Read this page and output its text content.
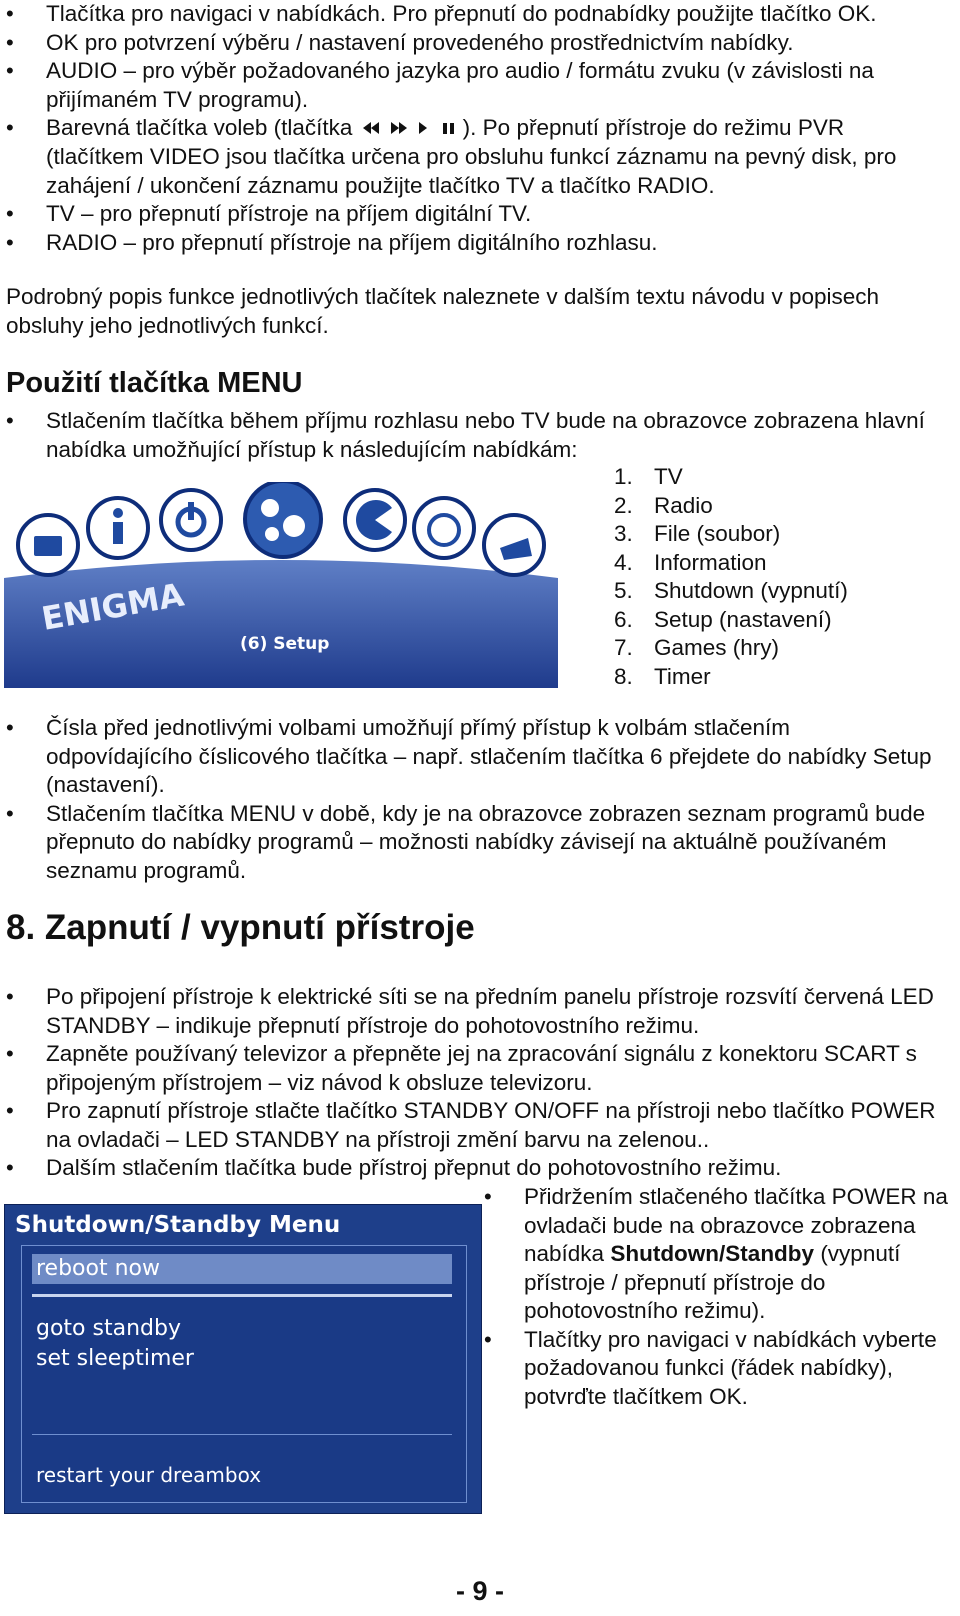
• Tlačítka pro navigaci v nabídkách. Pro přepnutí do podnabídky použijte tlačítko OK.
• OK pro potvrzení výběru / nastavení provedeného prostřednictvím nabídky.
• AUDIO – pro výběr požadovaného jazyka pro audio / formátu zvuku (v závislosti na přijímaném TV programu).
• Barevná tlačítka voleb (tlačítka	). Po přepnutí přístroje do režimu PVR (tlačítkem VIDEO jsou tlačítka určena pro obsluhu funkcí záznamu na pevný disk, pro zahájení / ukončení záznamu použijte tlačítko TV a tlačítko RADIO.
• TV – pro přepnutí přístroje na příjem digitální TV.
• RADIO – pro přepnutí přístroje na příjem digitálního rozhlasu.

Podrobný popis funkce jednotlivých tlačítek naleznete v dalším textu návodu v popisech obsluhy jeho jednotlivých funkcí.

Použití tlačítka MENU
• Stlačením tlačítka během příjmu rozhlasu nebo TV bude na obrazovce zobrazena hlavní nabídka umožňující přístup k následujícím nabídkám:
ENIGMA
(6) Setup
1. TV
2. Radio
3. File (soubor)
4. Information
5. Shutdown (vypnutí)
6. Setup (nastavení)
7. Games (hry)
8. Timer
• Čísla před jednotlivými volbami umožňují přímý přístup k volbám stlačením odpovídajícího číslicového tlačítka – např. stlačením tlačítka 6 přejdete do nabídky Setup (nastavení).
• Stlačením tlačítka MENU v době, kdy je na obrazovce zobrazen seznam programů bude přepnuto do nabídky programů – možnosti nabídky závisejí na aktuálně používaném seznamu programů.
8. Zapnutí / vypnutí přístroje
• Po připojení přístroje k elektrické síti se na předním panelu přístroje rozsvítí červená LED STANDBY – indikuje přepnutí přístroje do pohotovostního režimu.
• Zapněte používaný televizor a přepněte jej na zpracování signálu z konektoru SCART s připojeným přístrojem – viz návod k obsluze televizoru.
• Pro zapnutí přístroje stlačte tlačítko STANDBY ON/OFF na přístroji nebo tlačítko POWER na ovladači – LED STANDBY na přístroji změní barvu na zelenou..
• Dalším stlačením tlačítka bude přístroj přepnut do pohotovostního režimu.
Shutdown/Standby Menu
reboot now
goto standby
set sleeptimer
restart your dreambox
• Přidržením stlačeného tlačítka POWER na ovladači bude na obrazovce zobrazena nabídka Shutdown/Standby (vypnutí přístroje / přepnutí přístroje do pohotovostního režimu).
• Tlačítky pro navigaci v nabídkách vyberte požadovanou funkci (řádek nabídky), potvrďte tlačítkem OK.
- 9 -
